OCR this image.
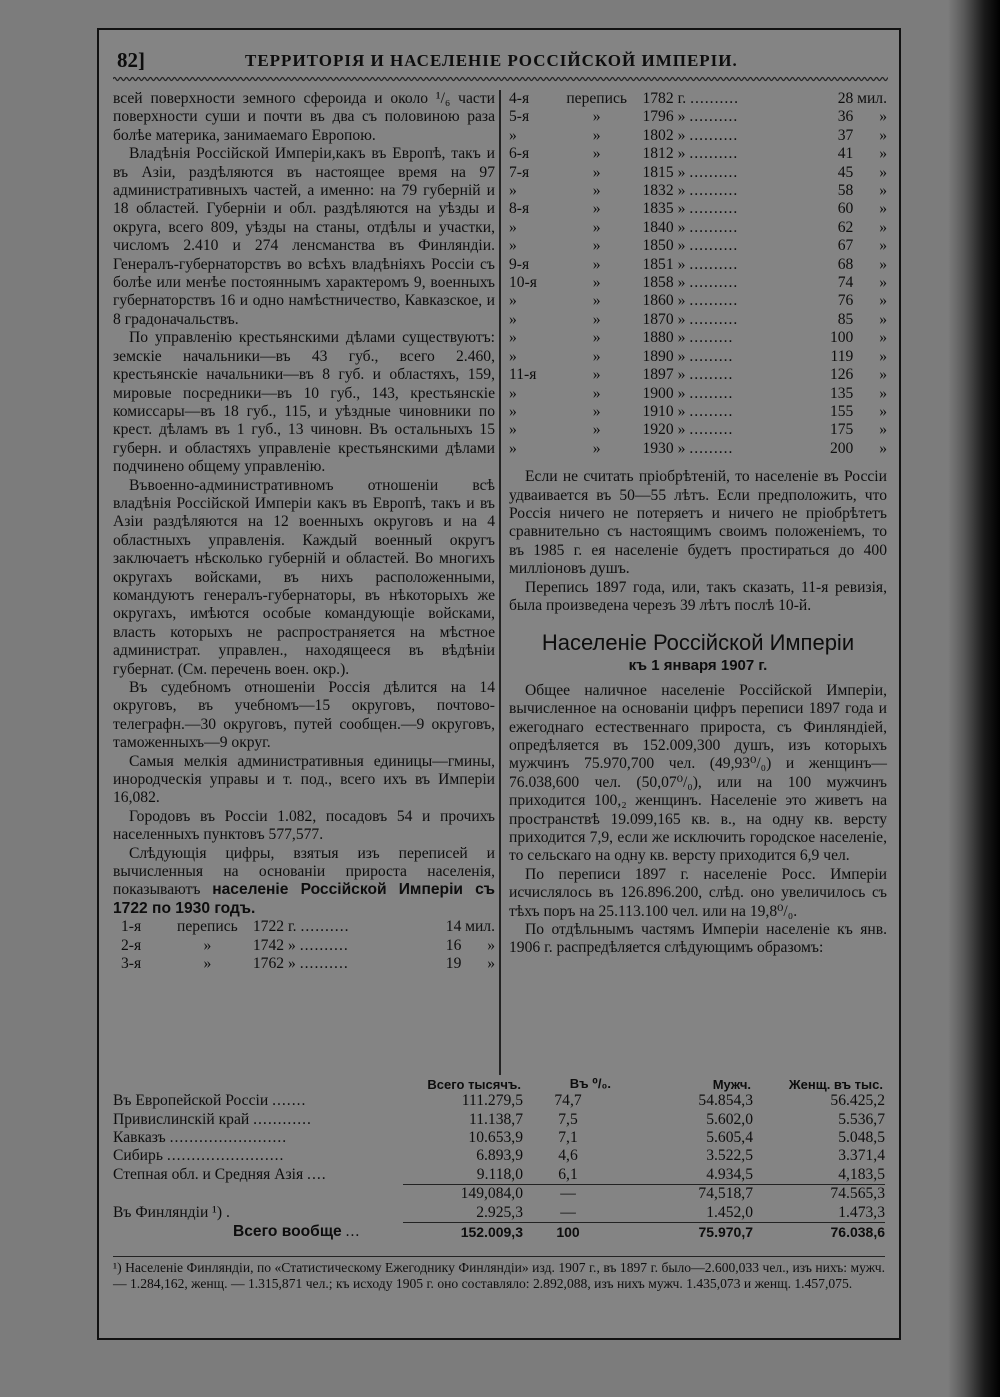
82]	ТЕРРИТОРІЯ И НАСЕЛЕНІЕ РОССІЙСКОЙ ИМПЕРІИ.

всей поверхности земного сфероида и около ¹/₆ части поверхности суши и почти въ два съ половиною раза болѣе материка, занимаемаго Европою.

Владѣнія Россійской Имперіи,какъ въ Европѣ, такъ и въ Азіи, раздѣляются въ настоящее время на 97 административныхъ частей, а именно: на 79 губерній и 18 областей. Губерніи и обл. раздѣляются на уѣзды и округа, всего 809, уѣзды на станы, отдѣлы и участки, числомъ 2.410 и 274 ленсманства въ Финляндіи. Генералъ-губернаторствъ во всѣхъ владѣніяхъ Россіи съ болѣе или менѣе постояннымъ характеромъ 9, военныхъ губернаторствъ 16 и одно намѣстничество, Кавказское, и 8 градоначальствъ.

По управленію крестьянскими дѣлами существуютъ: земскіе начальники—въ 43 губ., всего 2.460, крестьянскіе начальники—въ 8 губ. и областяхъ, 159, мировые посредники—въ 10 губ., 143, крестьянскіе комиссары—въ 18 губ., 115, и уѣздные чиновники по крест. дѣламъ въ 1 губ., 13 чиновн. Въ остальныхъ 15 губерн. и областяхъ управленіе крестьянскими дѣлами подчинено общему управленію.

Въвоенно-административномъ отношеніи всѣ владѣнія Россійской Имперіи какъ въ Европѣ, такъ и въ Азіи раздѣляются на 12 военныхъ округовъ и на 4 областныхъ управленія. Каждый военный округъ заключаетъ нѣсколько губерній и областей. Во многихъ округахъ войсками, въ нихъ расположенными, командуютъ генералъ-губернаторы, въ нѣкоторыхъ же округахъ, имѣются особые командующіе войсками, власть которыхъ не распространяется на мѣстное администрат. управлен., находящееся въ вѣдѣніи губернат. (См. перечень воен. окр.).

Въ судебномъ отношеніи Россія дѣлится на 14 округовъ, въ учебномъ—15 округовъ, почтово-телеграфн.—30 округовъ, путей сообщен.—9 округовъ, таможенныхъ—9 округ.

Самыя мелкія административныя единицы—гмины, инородческія управы и т. под., всего ихъ въ Имперіи 16,082.

Городовъ въ Россіи 1.082, посадовъ 54 и прочихъ населенныхъ пунктовъ 577,577.

Слѣдующія цифры, взятыя изъ переписей и вычисленныя на основаніи прироста населенія, показываютъ населеніе Россійской Имперіи съ 1722 по 1930 годъ.

1-я	перепись	1722	г. ..........	14	мил.
2-я	»	1742	» ..........	16	»
3-я	»	1762	» ..........	19	»
4-я	перепись	1782	г. ..........	28	мил.
5-я	»	1796	» ..........	36	»
»	»	1802	» ..........	37	»
6-я	»	1812	» ..........	41	»
7-я	»	1815	» ..........	45	»
»	»	1832	» ..........	58	»
8-я	»	1835	» ..........	60	»
»	»	1840	» ..........	62	»
»	»	1850	» ..........	67	»
9-я	»	1851	» ..........	68	»
10-я	»	1858	» ..........	74	»
»	»	1860	» ..........	76	»
»	»	1870	» ..........	85	»
»	»	1880	» .........	100	»
»	»	1890	» .........	119	»
11-я	»	1897	» .........	126	»
»	»	1900	» .........	135	»
»	»	1910	» .........	155	»
»	»	1920	» .........	175	»
»	»	1930	» .........	200	»

Если не считать пріобрѣтеній, то населеніе въ Россіи удваивается въ 50—55 лѣтъ. Если предположить, что Россія ничего не потеряетъ и ничего не пріобрѣтетъ сравнительно съ настоящимъ своимъ положеніемъ, то въ 1985 г. ея населеніе будетъ простираться до 400 милліоновъ душъ.

Перепись 1897 года, или, такъ сказать, 11-я ревизія, была произведена черезъ 39 лѣтъ послѣ 10-й.

Населеніе Россійской Имперіи
къ 1 января 1907 г.

Общее наличное населеніе Россійской Имперіи, вычисленное на основаніи цифръ переписи 1897 года и ежегоднаго естественнаго прироста, съ Финляндіей, опредѣляется въ 152.009,300 душъ, изъ которыхъ мужчинъ 75.970,700 чел. (49,93⁰/₀) и женщинъ—76.038,600 чел. (50,07⁰/₀), или на 100 мужчинъ приходится 100,₂ женщинъ. Населеніе это живетъ на пространствѣ 19.099,165 кв. в., на одну кв. версту приходится 7,9, если же исключить городское населеніе, то сельскаго на одну кв. версту приходится 6,9 чел.

По переписи 1897 г. населеніе Росс. Имперіи исчислялось въ 126.896.200, слѣд. оно увеличилось съ тѣхъ поръ на 25.113.100 чел. или на 19,8⁰/₀.

По отдѣльнымъ частямъ Имперіи населеніе къ янв. 1906 г. распредѣляется слѣдующимъ образомъ:

	Всего тысячъ.	Въ ⁰/₀.	Мужч.	Женщ. въ тыс.
Въ Европейской Россіи .......	111.279,5	74,7	54.854,3	56.425,2
Привислинскій край ............	11.138,7	7,5	5.602,0	5.536,7
Кавказъ ........................	10.653,9	7,1	5.605,4	5.048,5
Сибирь ........................	6.893,9	4,6	3.522,5	3.371,4
Степная обл. и Средняя Азія ....	9.118,0	6,1	4.934,5	4,183,5
	149,084,0	—	74,518,7	74.565,3
Въ Финляндіи ¹) .	2.925,3	—	1.452,0	1.473,3
Всего вообще ...	152.009,3	100	75.970,7	76.038,6
¹) Населеніе Финляндіи, по «Статистическому Ежегоднику Финляндіи» изд. 1907 г., въ 1897 г. было—2.600,033 чел., изъ нихъ: мужч. — 1.284,162, женщ. — 1.315,871 чел.; къ исходу 1905 г. оно составляло: 2.892,088, изъ нихъ мужч. 1.435,073 и женщ. 1.457,075.
